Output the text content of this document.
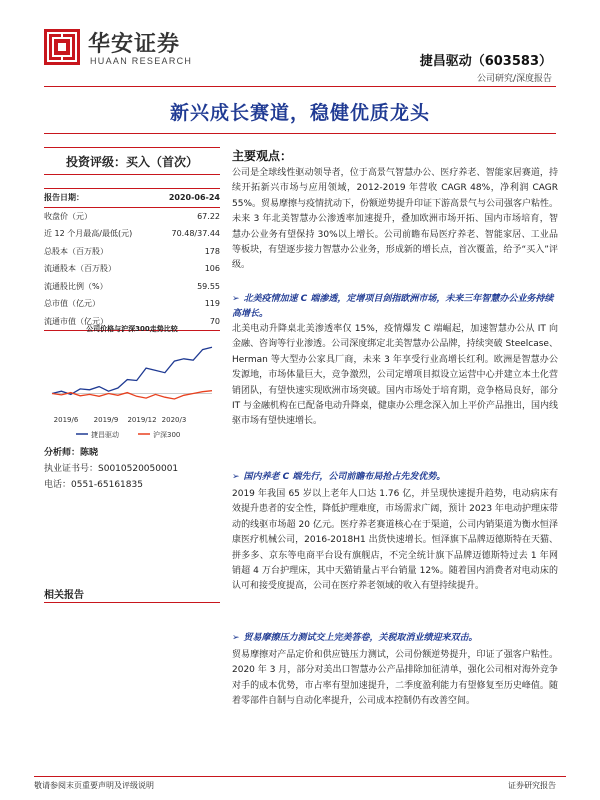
华安证券
HUAAN RESEARCH	捷昌驱动（603583）
公司研究/深度报告
新兴成长赛道，稳健优质龙头
投资评级：买入（首次）
报告日期：	2020-06-24
收盘价（元）	67.22
近 12 个月最高/最低(元)	70.48/37.44
总股本（百万股）	178
流通股本（百万股）	106
流通股比例（%）	59.55
总市值（亿元）	119
流通市值（亿元）	70
公司价格与沪深300走势比较
2019/6 2019/9 2019/12 2020/3
捷昌驱动	沪深300
分析师：陈晓
执业证书号：S0010520050001
电话：0551-65161835
相关报告
主要观点：

公司是全球线性驱动领导者，位于高景气智慧办公、医疗养老、智能家居赛道，持续开拓新兴市场与应用领域，2012-2019 年营收 CAGR 48%，净利润 CAGR 55%。贸易摩擦与疫情扰动下，份额逆势提升印证下游高景气与公司强客户粘性。未来 3 年北美智慧办公渗透率加速提升，叠加欧洲市场开拓、国内市场培育，智慧办公业务有望保持 30%以上增长。公司前瞻布局医疗养老、智能家居、工业品等板块，有望逐步接力智慧办公业务，形成新的增长点，首次覆盖，给予“买入”评级。

➢ 北美疫情加速 C 端渗透，定增项目剑指欧洲市场，未来三年智慧办公业务持续高增长。
北美电动升降桌北美渗透率仅 15%，疫情爆发 C 端崛起，加速智慧办公从 IT 向金融、咨询等行业渗透。公司深度绑定北美智慧办公品牌，持续突破 Steelcase、Herman 等大型办公家具厂商，未来 3 年享受行业高增长红利。欧洲是智慧办公发源地，市场体量巨大，竞争激烈，公司定增项目拟设立运营中心并建立本土化营销团队，有望快速实现欧洲市场突破。国内市场处于培育期，竞争格局良好，部分 IT 与金融机构在已配备电动升降桌，健康办公理念深入加上平价产品推出，国内线驱市场有望快速增长。
➢ 国内养老 C 端先行，公司前瞻布局抢占先发优势。
2019 年我国 65 岁以上老年人口达 1.76 亿，并呈现快速提升趋势，电动病床有效提升患者的安全性，降低护理难度，市场需求广阔，预计 2023 年电动护理床带动的线驱市场超 20 亿元。医疗养老赛道核心在于渠道，公司内销渠道为衡水恒泽康医疗机械公司，2016-2018H1 出货快速增长。恒泽旗下品牌迈德斯特在天猫、拼多多、京东等电商平台设有旗舰店，不完全统计旗下品牌迈德斯特过去 1 年网销超 4 万台护理床，其中天猫销量占平台销量 12%。随着国内消费者对电动床的认可和接受度提高，公司在医疗养老领域的收入有望持续提升。
➢ 贸易摩擦压力测试交上完美答卷，关税取消业绩迎来双击。
贸易摩擦对产品定价和供应链压力测试，公司份额逆势提升，印证了强客户粘性。2020 年 3 月，部分对美出口智慧办公产品排除加征清单，强化公司相对海外竞争对手的成本优势，市占率有望加速提升，二季度盈利能力有望修复至历史峰值。随着零部件自制与自动化率提升，公司成本控制仍有改善空间。
敬请参阅末页重要声明及评级说明	证券研究报告
